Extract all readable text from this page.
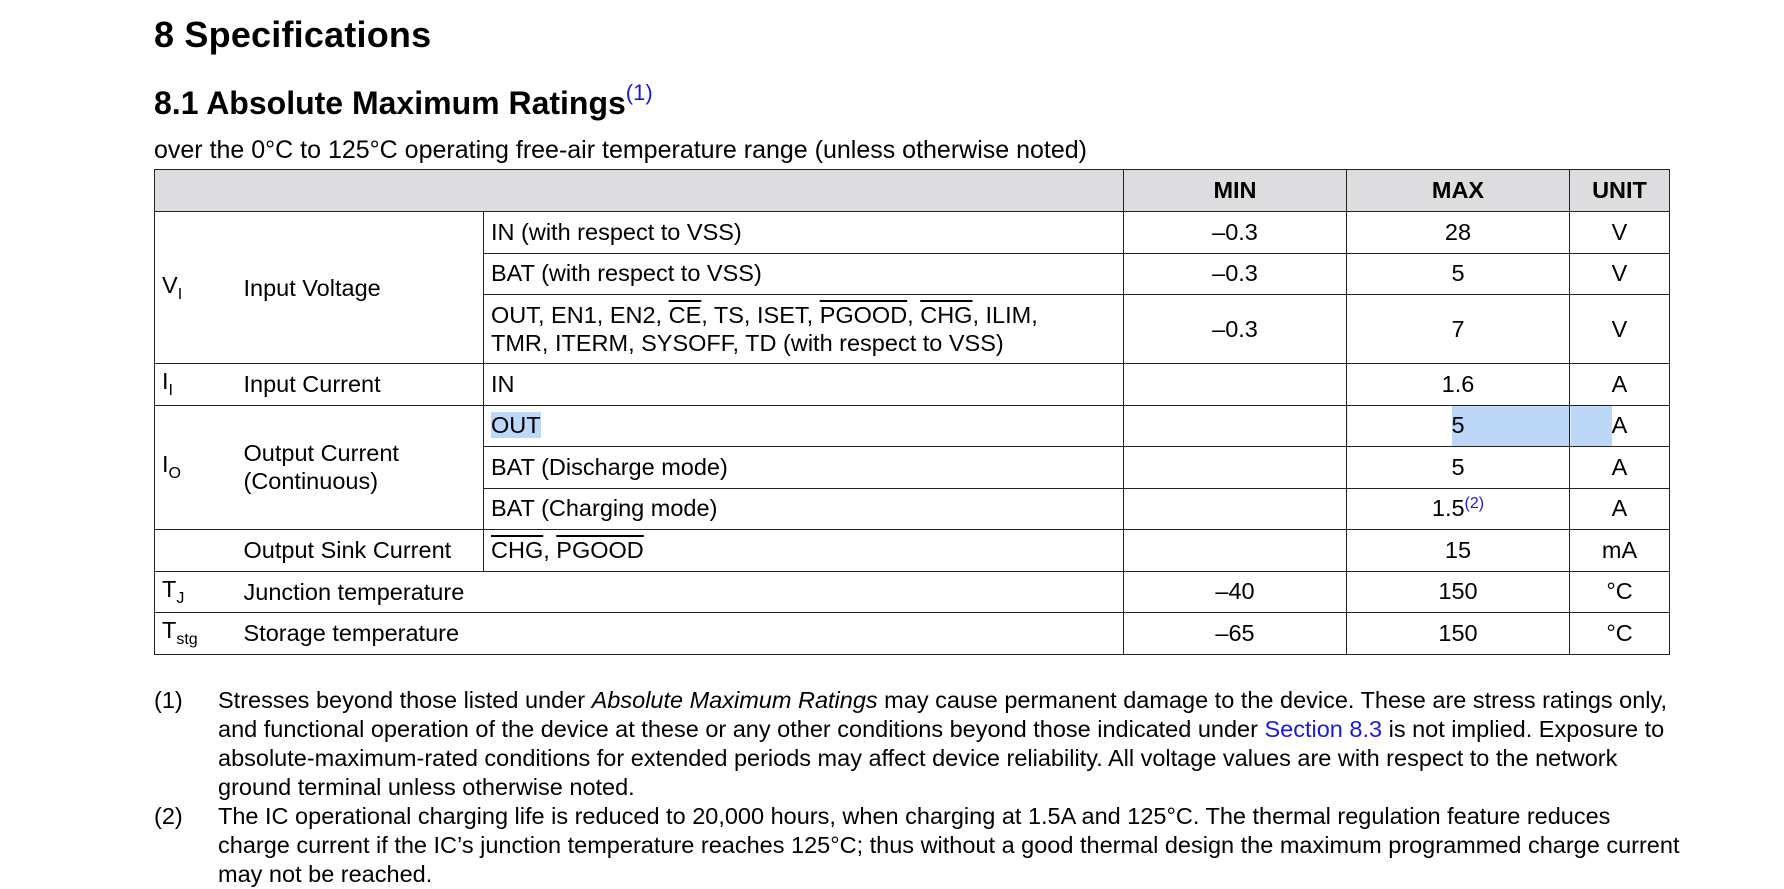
8 Specifications
8.1 Absolute Maximum Ratings$^{(1)}$

over the 0°C to 125°C operating free-air temperature range (unless otherwise noted)

			MIN	MAX	UNIT
$V_I$	Input Voltage	IN (with respect to VSS)	–0.3	28	V
		BAT (with respect to VSS)	–0.3	5	V
		OUT, EN1, EN2, $\overline{CE}$, TS, ISET, PGOOD, $\overline{CHG}$, ILIM,
TMR, ITERM, SYSOFF, TD (with respect to VSS)	–0.3	7	V
$I_I$	Input Current	IN		1.6	A
$I_O$	Output Current
(Continuous)	OUT		5	A
		BAT (Discharge mode)		5	A
		BAT (Charging mode)		1.5$^{(2)}$	A
	Output Sink Current	$\overline{CHG}$, PGOOD		15	mA
$T_J$	Junction temperature		–40	150	°C
$T_{stg}$	Storage temperature		–65	150	°C
(1)	Stresses beyond those listed under Absolute Maximum Ratings may cause permanent damage to the device. These are stress ratings only, and functional operation of the device at these or any other conditions beyond those indicated under Section 8.3 is not implied. Exposure to absolute-maximum-rated conditions for extended periods may affect device reliability. All voltage values are with respect to the network ground terminal unless otherwise noted.
(2)	The IC operational charging life is reduced to 20,000 hours, when charging at 1.5A and 125°C. The thermal regulation feature reduces charge current if the IC’s junction temperature reaches 125°C; thus without a good thermal design the maximum programmed charge current may not be reached.
